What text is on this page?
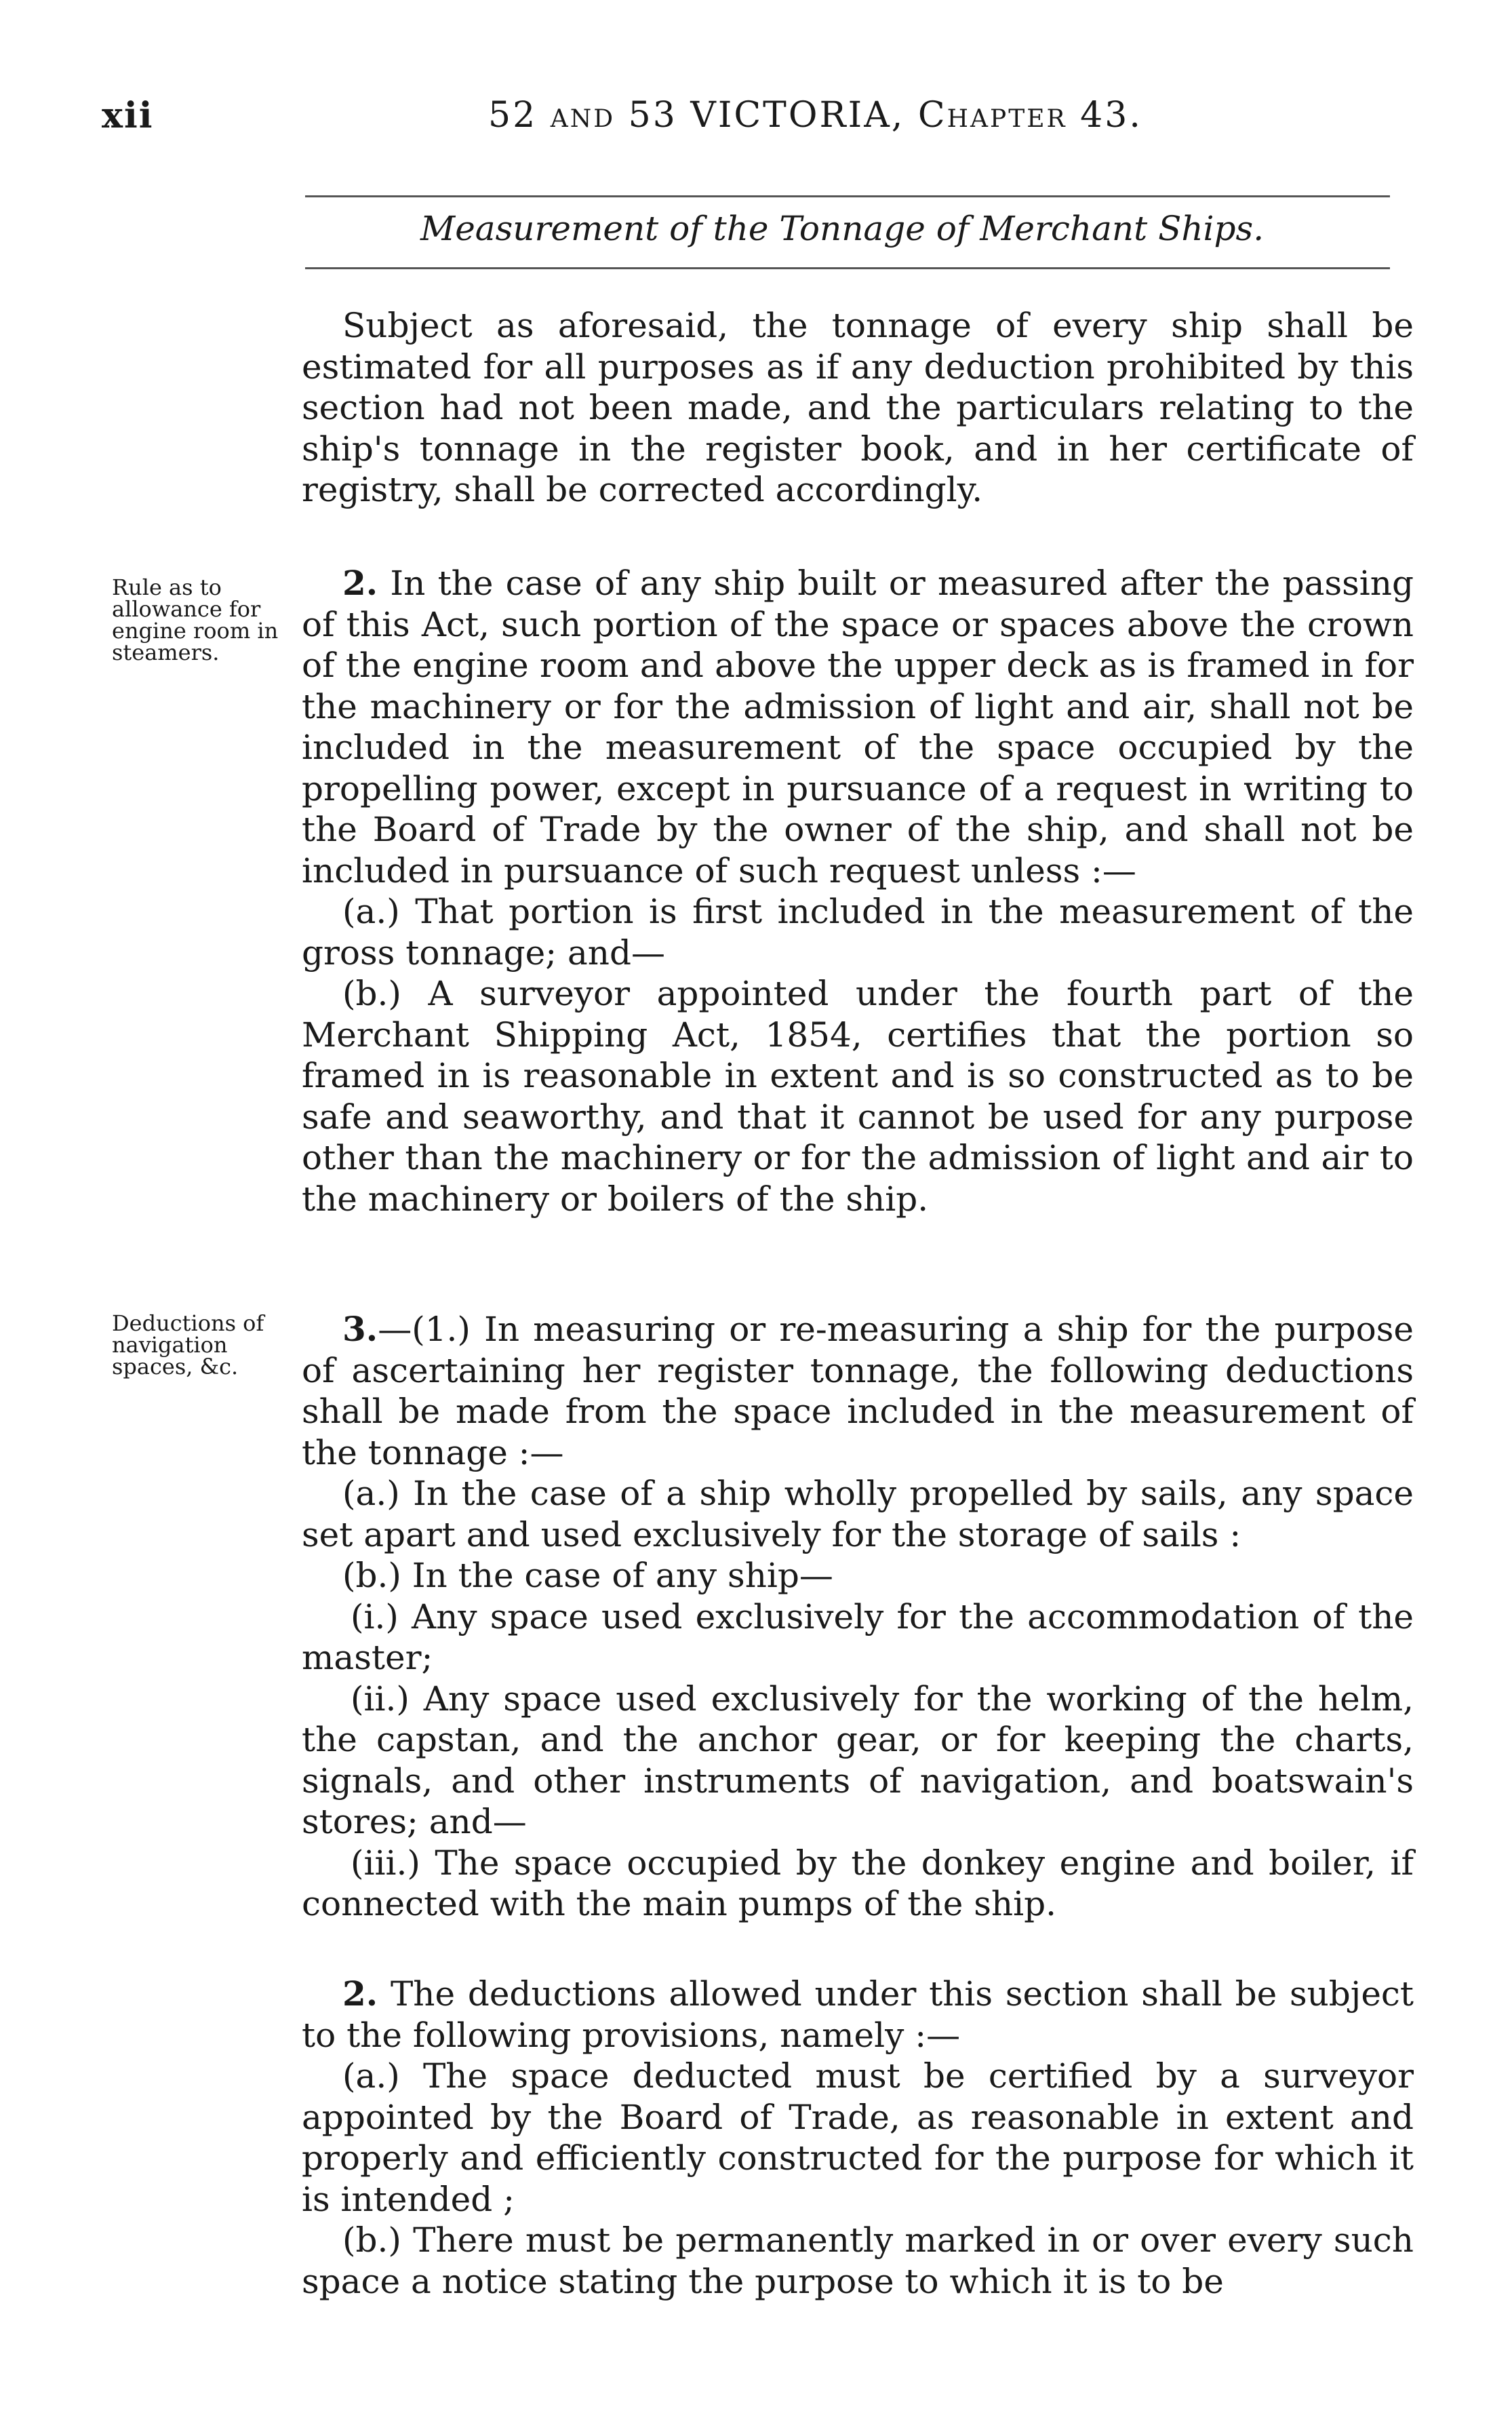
xii	52 and 53 VICTORIA, Chapter 43.
Measurement of the Tonnage of Merchant Ships.
Rule as to allowance for engine room in steamers.
Deductions of navigation spaces, &c.

Subject as aforesaid, the tonnage of every ship shall be estimated for all purposes as if any deduction prohibited by this section had not been made, and the particulars relating to the ship's tonnage in the register book, and in her certificate of registry, shall be corrected accordingly.

2. In the case of any ship built or measured after the passing of this Act, such portion of the space or spaces above the crown of the engine room and above the upper deck as is framed in for the machinery or for the admission of light and air, shall not be included in the measurement of the space occupied by the propelling power, except in pursuance of a request in writing to the Board of Trade by the owner of the ship, and shall not be included in pursuance of such request unless :—

(a.) That portion is first included in the measurement of the gross tonnage; and—

(b.) A surveyor appointed under the fourth part of the Merchant Shipping Act, 1854, certifies that the portion so framed in is reasonable in extent and is so constructed as to be safe and seaworthy, and that it cannot be used for any purpose other than the machinery or for the admission of light and air to the machinery or boilers of the ship.

3.—(1.) In measuring or re-measuring a ship for the purpose of ascertaining her register tonnage, the following deductions shall be made from the space included in the measurement of the tonnage :—

(a.) In the case of a ship wholly propelled by sails, any space set apart and used exclusively for the storage of sails :

(b.) In the case of any ship—

(i.) Any space used exclusively for the accommodation of the master;

(ii.) Any space used exclusively for the working of the helm, the capstan, and the anchor gear, or for keeping the charts, signals, and other instruments of navigation, and boatswain's stores; and—

(iii.) The space occupied by the donkey engine and boiler, if connected with the main pumps of the ship.

2. The deductions allowed under this section shall be subject to the following provisions, namely :—

(a.) The space deducted must be certified by a surveyor appointed by the Board of Trade, as reasonable in extent and properly and efficiently constructed for the purpose for which it is intended ;

(b.) There must be permanently marked in or over every such space a notice stating the purpose to which it is to be
